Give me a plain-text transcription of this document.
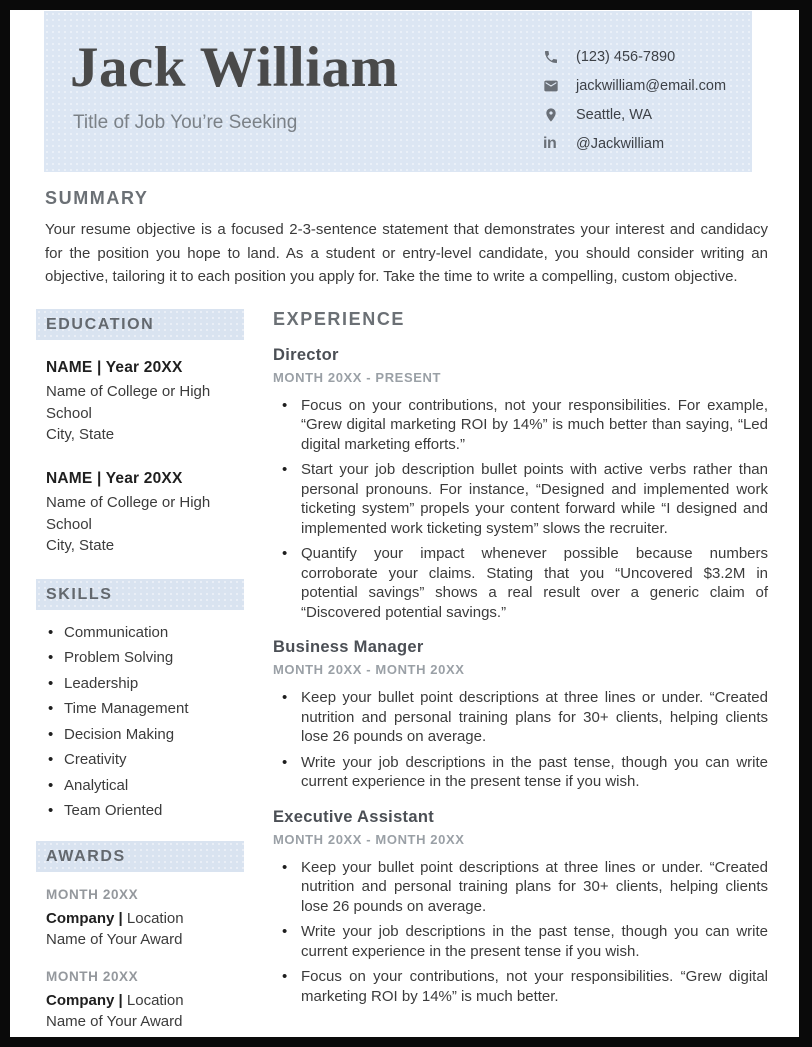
Jack William
Title of Job You’re Seeking
(123) 456-7890
jackwilliam@email.com
Seattle, WA
in @Jackwilliam
SUMMARY

Your resume objective is a focused 2-3-sentence statement that demonstrates your interest and candidacy for the position you hope to land. As a student or entry-level candidate, you should consider writing an objective, tailoring it to each position you apply for. Take the time to write a compelling, custom objective.

EDUCATION
NAME | Year 20XX
Name of College or High School
City, State
NAME | Year 20XX
Name of College or High School
City, State
SKILLS
• Communication
• Problem Solving
• Leadership
• Time Management
• Decision Making
• Creativity
• Analytical
• Team Oriented
AWARDS
MONTH 20XX
Company | Location
Name of Your Award
MONTH 20XX
Company | Location
Name of Your Award
EXPERIENCE
Director
MONTH 20XX - PRESENT
• Focus on your contributions, not your responsibilities. For example, “Grew digital marketing ROI by 14%” is much better than saying, “Led digital marketing efforts.”
• Start your job description bullet points with active verbs rather than personal pronouns. For instance, “Designed and implemented work ticketing system” propels your content forward while “I designed and implemented work ticketing system” slows the recruiter.
• Quantify your impact whenever possible because numbers corroborate your claims. Stating that you “Uncovered $3.2M in potential savings” shows a real result over a generic claim of “Discovered potential savings.”
Business Manager
MONTH 20XX - MONTH 20XX
• Keep your bullet point descriptions at three lines or under. “Created nutrition and personal training plans for 30+ clients, helping clients lose 26 pounds on average.
• Write your job descriptions in the past tense, though you can write current experience in the present tense if you wish.
Executive Assistant
MONTH 20XX - MONTH 20XX
• Keep your bullet point descriptions at three lines or under. “Created nutrition and personal training plans for 30+ clients, helping clients lose 26 pounds on average.
• Write your job descriptions in the past tense, though you can write current experience in the present tense if you wish.
• Focus on your contributions, not your responsibilities. “Grew digital marketing ROI by 14%” is much better.
